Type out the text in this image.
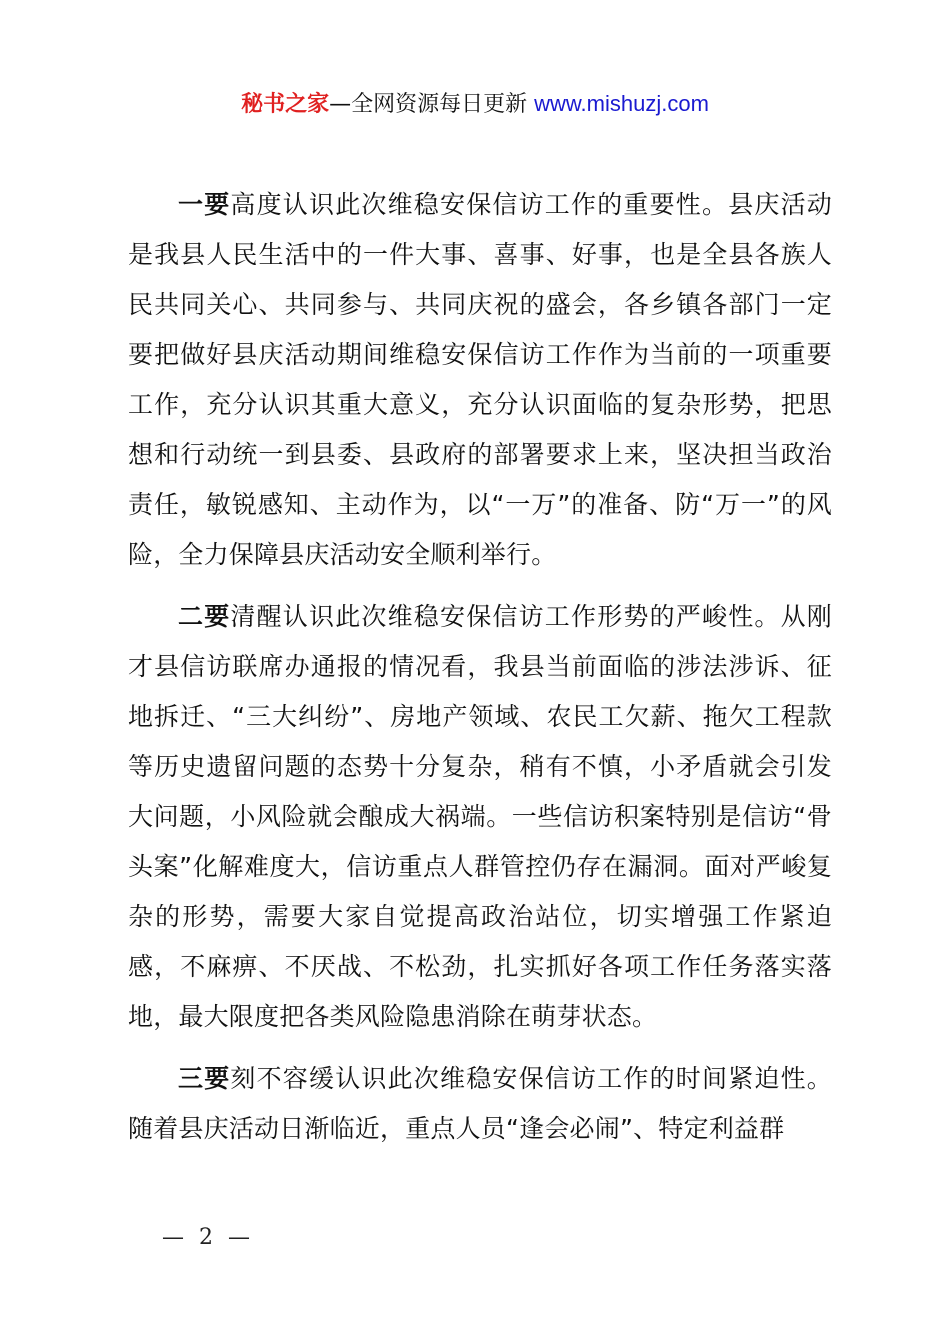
秘书之家—全网资源每日更新 www.mishuzj.com

一要高度认识此次维稳安保信访工作的重要性。县庆活动是我县人民生活中的一件大事、喜事、好事，也是全县各族人民共同关心、共同参与、共同庆祝的盛会，各乡镇各部门一定要把做好县庆活动期间维稳安保信访工作作为当前的一项重要工作，充分认识其重大意义，充分认识面临的复杂形势，把思想和行动统一到县委、县政府的部署要求上来，坚决担当政治责任，敏锐感知、主动作为，以“一万”的准备、防“万一”的风险，全力保障县庆活动安全顺利举行。

二要清醒认识此次维稳安保信访工作形势的严峻性。从刚才县信访联席办通报的情况看，我县当前面临的涉法涉诉、征地拆迁、“三大纠纷”、房地产领域、农民工欠薪、拖欠工程款等历史遗留问题的态势十分复杂，稍有不慎，小矛盾就会引发大问题，小风险就会酿成大祸端。一些信访积案特别是信访“骨头案”化解难度大，信访重点人群管控仍存在漏洞。面对严峻复杂的形势，需要大家自觉提高政治站位，切实增强工作紧迫感，不麻痹、不厌战、不松劲，扎实抓好各项工作任务落实落地，最大限度把各类风险隐患消除在萌芽状态。

三要刻不容缓认识此次维稳安保信访工作的时间紧迫性。随着县庆活动日渐临近，重点人员“逢会必闹”、特定利益群

— 2 —
